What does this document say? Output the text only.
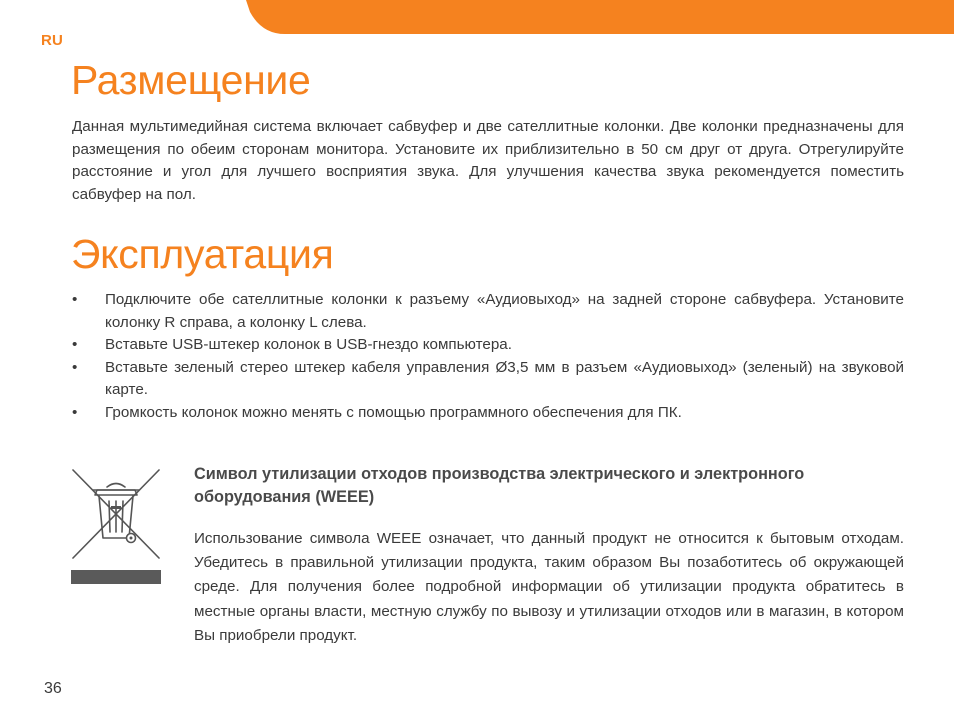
RU
Размещение

Данная мультимедийная система включает сабвуфер и две сателлитные колонки. Две колонки предназначены для размещения по обеим сторонам монитора. Установите их приблизительно в 50 см друг от друга. Отрегулируйте расстояние и угол для лучшего восприятия звука. Для улучшения качества звука рекомендуется поместить сабвуфер на пол.

Эксплуатация
• Подключите обе сателлитные колонки к разъему «Аудиовыход» на задней стороне сабвуфера. Установите колонку R справа, а колонку L слева.
• Вставьте USB-штекер колонок в USB-гнездо компьютера.
• Вставьте зеленый стерео штекер кабеля управления Ø3,5 мм в разъем «Аудиовыход» (зеленый) на звуковой карте.
• Громкость колонок можно менять с помощью программного обеспечения для ПК.
Символ утилизации отходов производства электрического и электронного оборудования (WEEE)

Использование символа WEEE означает, что данный продукт не относится к бытовым отходам. Убедитесь в правильной утилизации продукта, таким образом Вы позаботитесь об окружающей среде. Для получения более подробной информации об утилизации продукта обратитесь в местные органы власти, местную службу по вывозу и утилизации отходов или в магазин, в котором Вы приобрели продукт.

36
